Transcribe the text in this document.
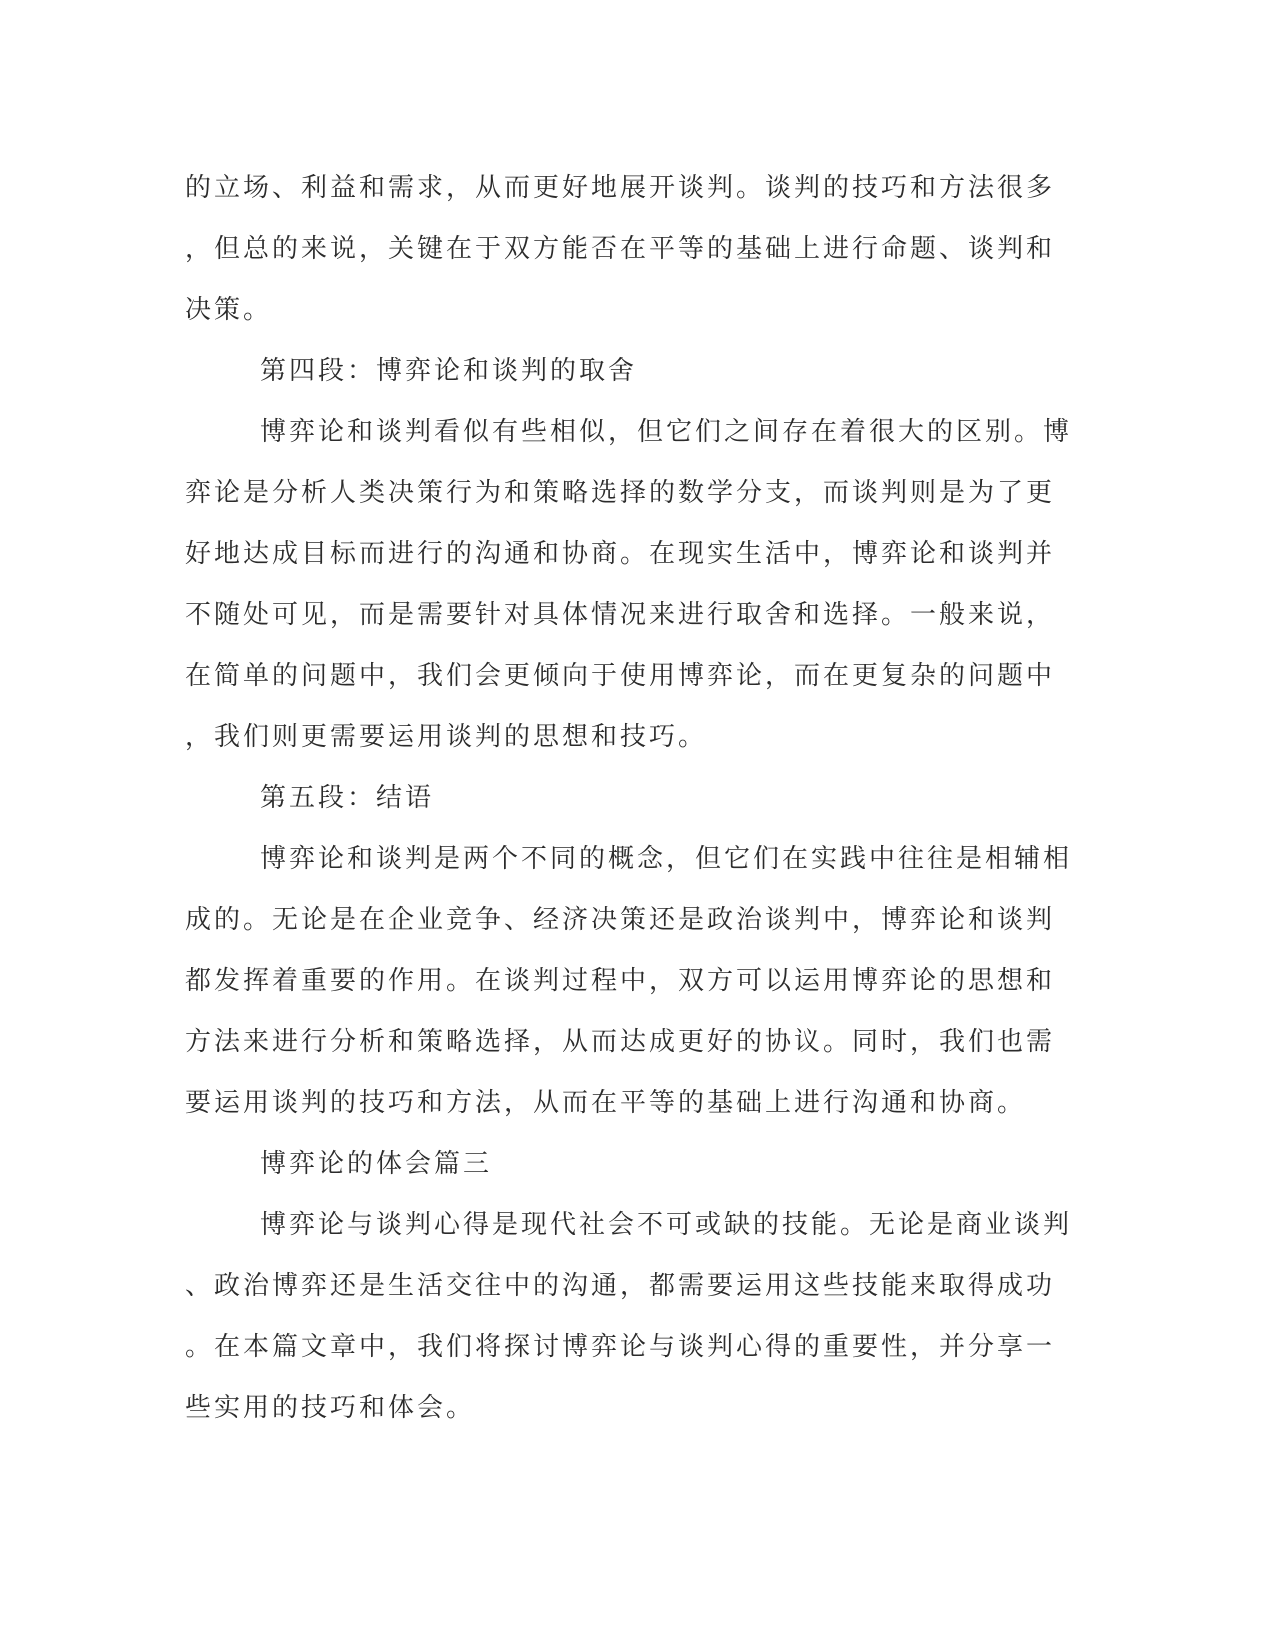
的立场、利益和需求，从而更好地展开谈判。谈判的技巧和方法很多
，但总的来说，关键在于双方能否在平等的基础上进行命题、谈判和
决策。
第四段：博弈论和谈判的取舍
博弈论和谈判看似有些相似，但它们之间存在着很大的区别。博
弈论是分析人类决策行为和策略选择的数学分支，而谈判则是为了更
好地达成目标而进行的沟通和协商。在现实生活中，博弈论和谈判并
不随处可见，而是需要针对具体情况来进行取舍和选择。一般来说，
在简单的问题中，我们会更倾向于使用博弈论，而在更复杂的问题中
，我们则更需要运用谈判的思想和技巧。
第五段：结语
博弈论和谈判是两个不同的概念，但它们在实践中往往是相辅相
成的。无论是在企业竞争、经济决策还是政治谈判中，博弈论和谈判
都发挥着重要的作用。在谈判过程中，双方可以运用博弈论的思想和
方法来进行分析和策略选择，从而达成更好的协议。同时，我们也需
要运用谈判的技巧和方法，从而在平等的基础上进行沟通和协商。
博弈论的体会篇三
博弈论与谈判心得是现代社会不可或缺的技能。无论是商业谈判
、政治博弈还是生活交往中的沟通，都需要运用这些技能来取得成功
。在本篇文章中，我们将探讨博弈论与谈判心得的重要性，并分享一
些实用的技巧和体会。
